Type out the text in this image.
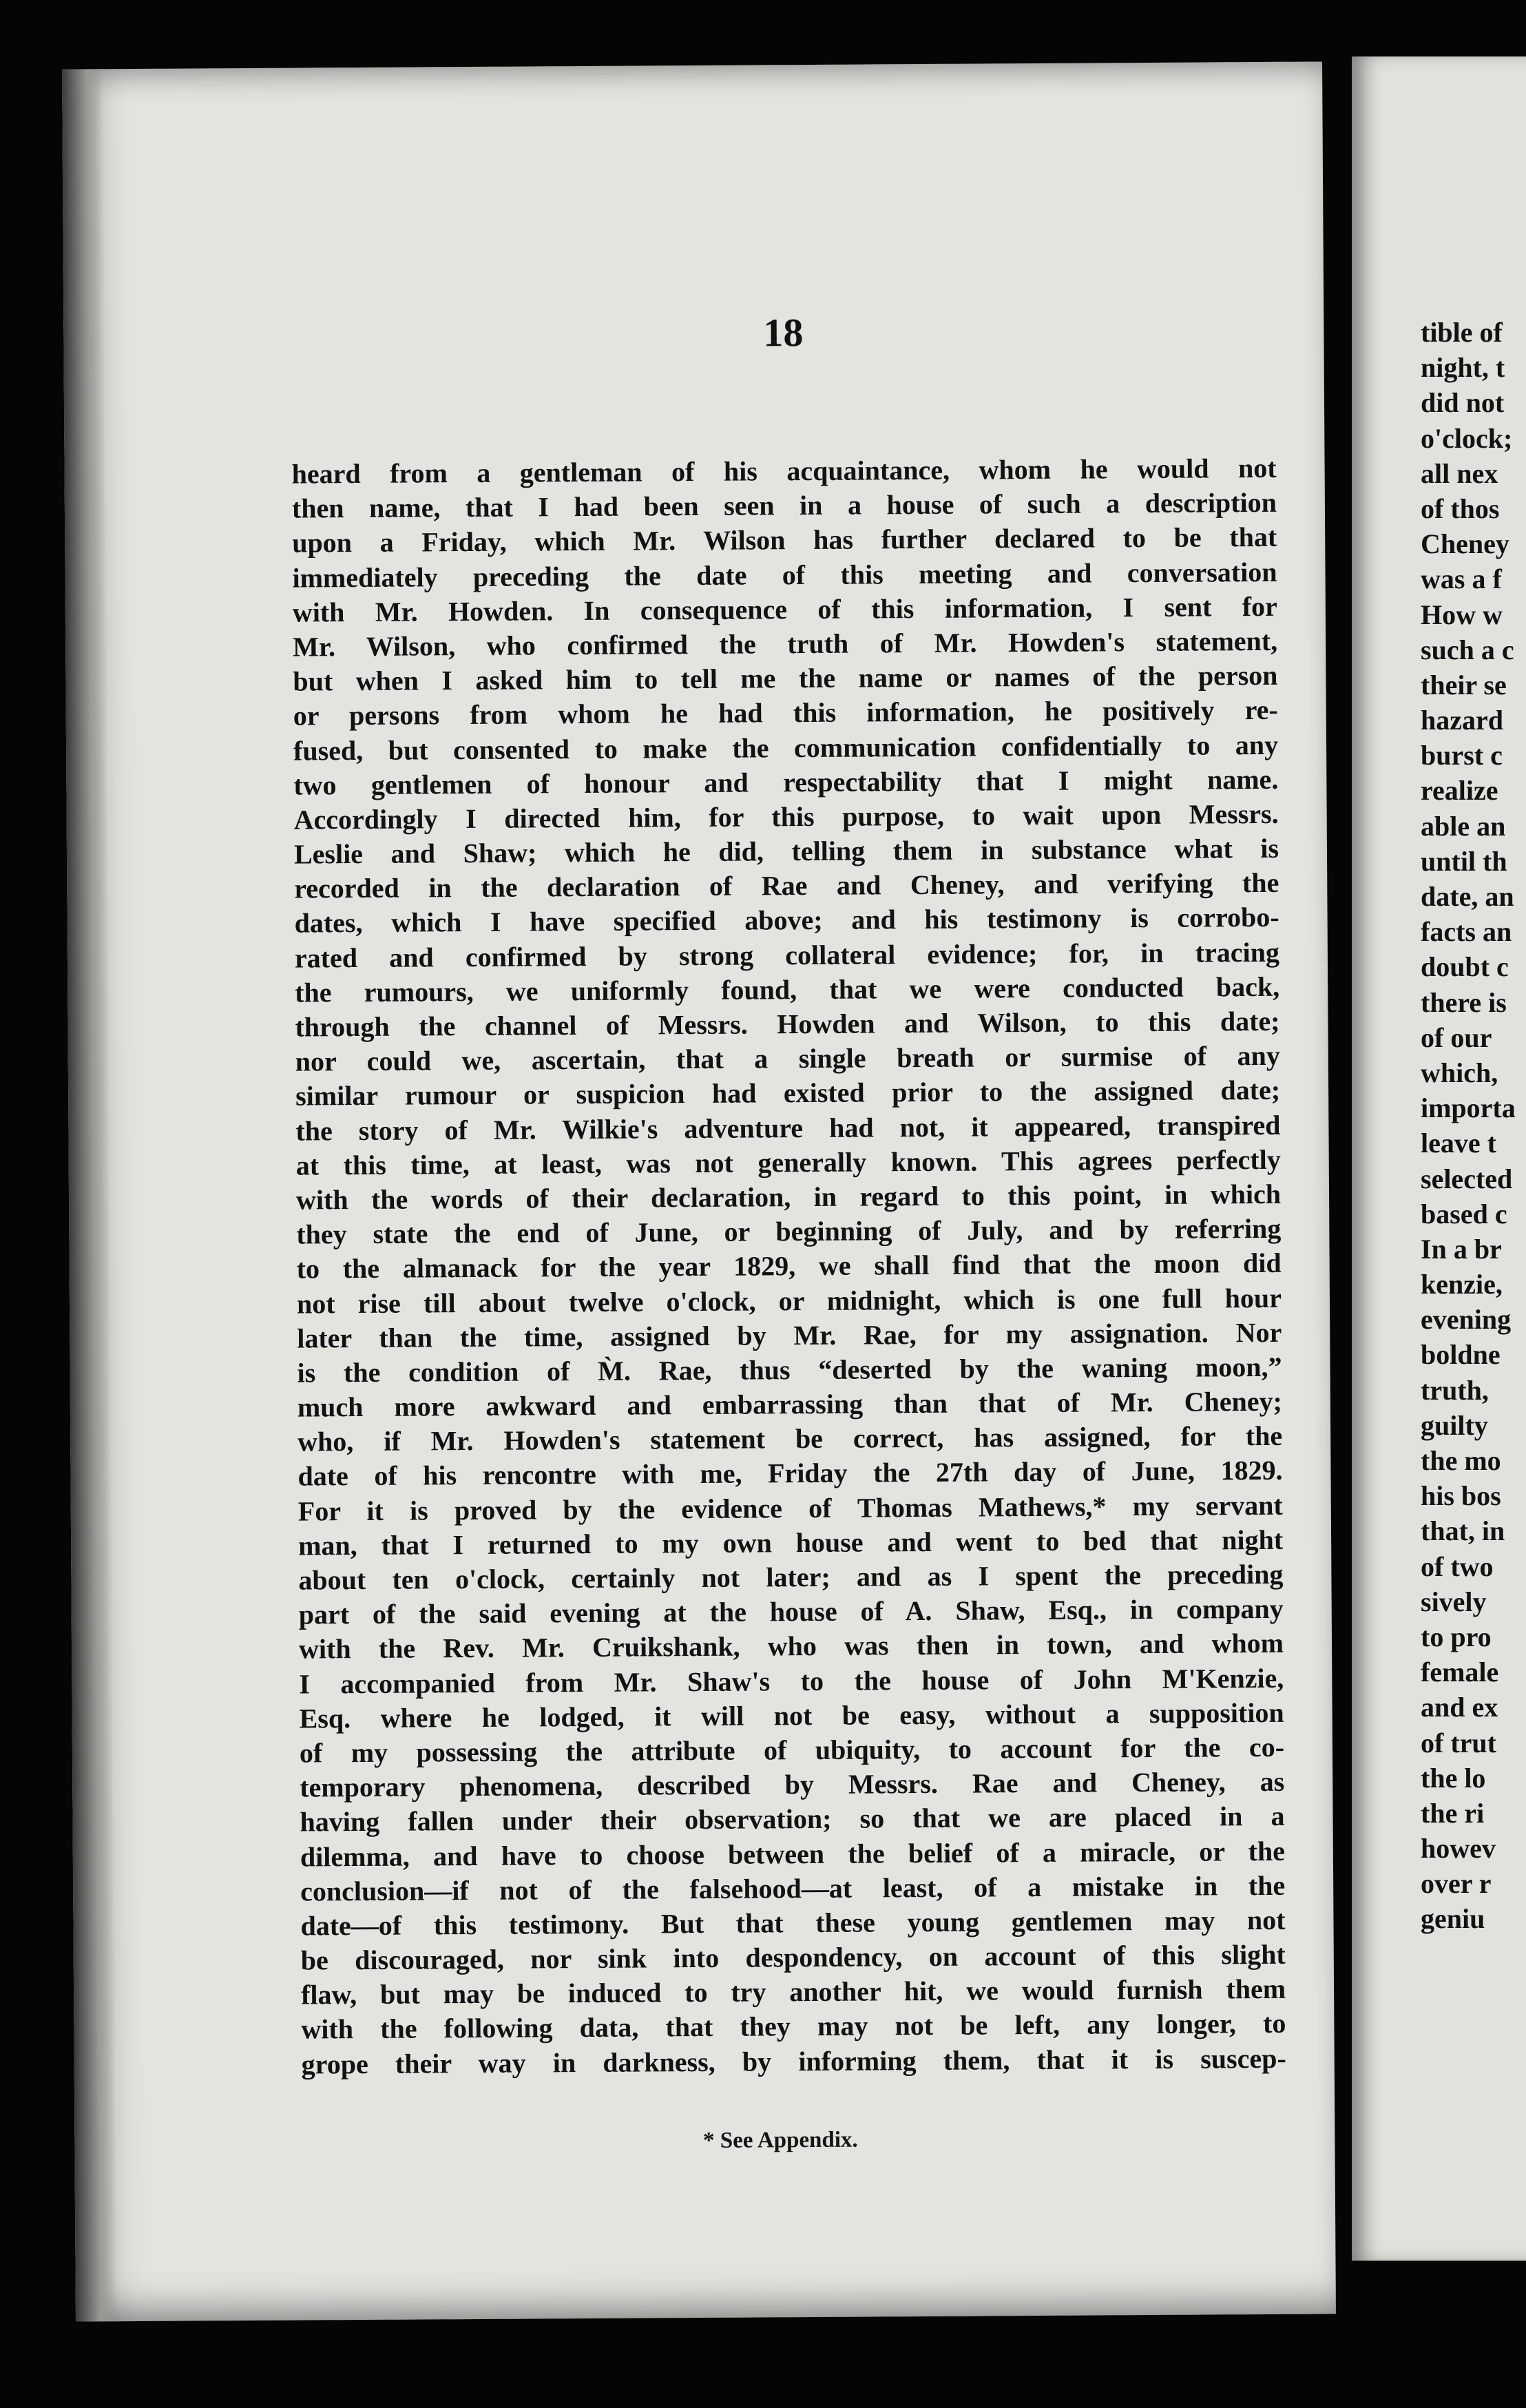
18
heard from a gentleman of his acquaintance, whom he would not
then name, that I had been seen in a house of such a description
upon a Friday, which Mr. Wilson has further declared to be that
immediately preceding the date of this meeting and conversation
with Mr. Howden. In consequence of this information, I sent for
Mr. Wilson, who confirmed the truth of Mr. Howden's statement,
but when I asked him to tell me the name or names of the person
or persons from whom he had this information, he positively re-
fused, but consented to make the communication confidentially to any
two gentlemen of honour and respectability that I might name.
Accordingly I directed him, for this purpose, to wait upon Messrs.
Leslie and Shaw; which he did, telling them in substance what is
recorded in the declaration of Rae and Cheney, and verifying the
dates, which I have specified above; and his testimony is corrobo-
rated and confirmed by strong collateral evidence; for, in tracing
the rumours, we uniformly found, that we were conducted back,
through the channel of Messrs. Howden and Wilson, to this date;
nor could we, ascertain, that a single breath or surmise of any
similar rumour or suspicion had existed prior to the assigned date;
the story of Mr. Wilkie's adventure had not, it appeared, transpired
at this time, at least, was not generally known. This agrees perfectly
with the words of their declaration, in regard to this point, in which
they state the end of June, or beginning of July, and by referring
to the almanack for the year 1829, we shall find that the moon did
not rise till about twelve o'clock, or midnight, which is one full hour
later than the time, assigned by Mr. Rae, for my assignation. Nor
is the condition of M̀. Rae, thus “deserted by the waning moon,”
much more awkward and embarrassing than that of Mr. Cheney;
who, if Mr. Howden's statement be correct, has assigned, for the
date of his rencontre with me, Friday the 27th day of June, 1829.
For it is proved by the evidence of Thomas Mathews,* my servant
man, that I returned to my own house and went to bed that night
about ten o'clock, certainly not later; and as I spent the preceding
part of the said evening at the house of A. Shaw, Esq., in company
with the Rev. Mr. Cruikshank, who was then in town, and whom
I accompanied from Mr. Shaw's to the house of John M'Kenzie,
Esq. where he lodged, it will not be easy, without a supposition
of my possessing the attribute of ubiquity, to account for the co-
temporary phenomena, described by Messrs. Rae and Cheney, as
having fallen under their observation; so that we are placed in a
dilemma, and have to choose between the belief of a miracle, or the
conclusion—if not of the falsehood—at least, of a mistake in the
date—of this testimony. But that these young gentlemen may not
be discouraged, nor sink into despondency, on account of this slight
flaw, but may be induced to try another hit, we would furnish them
with the following data, that they may not be left, any longer, to
grope their way in darkness, by informing them, that it is suscep-
* See Appendix.
tible of
night, t
did not
o'clock;
all nex
of thos
Cheney
was a f
How w
such a c
their se
hazard
burst c
realize
able an
until th
date, an
facts an
doubt c
there is
of our
which,
importa
leave t
selected
based c
In a br
kenzie,
evening
boldne
truth,
guilty
the mo
his bos
that, in
of two
sively
to pro
female
and ex
of trut
the lo
the ri
howev
over r
geniu
